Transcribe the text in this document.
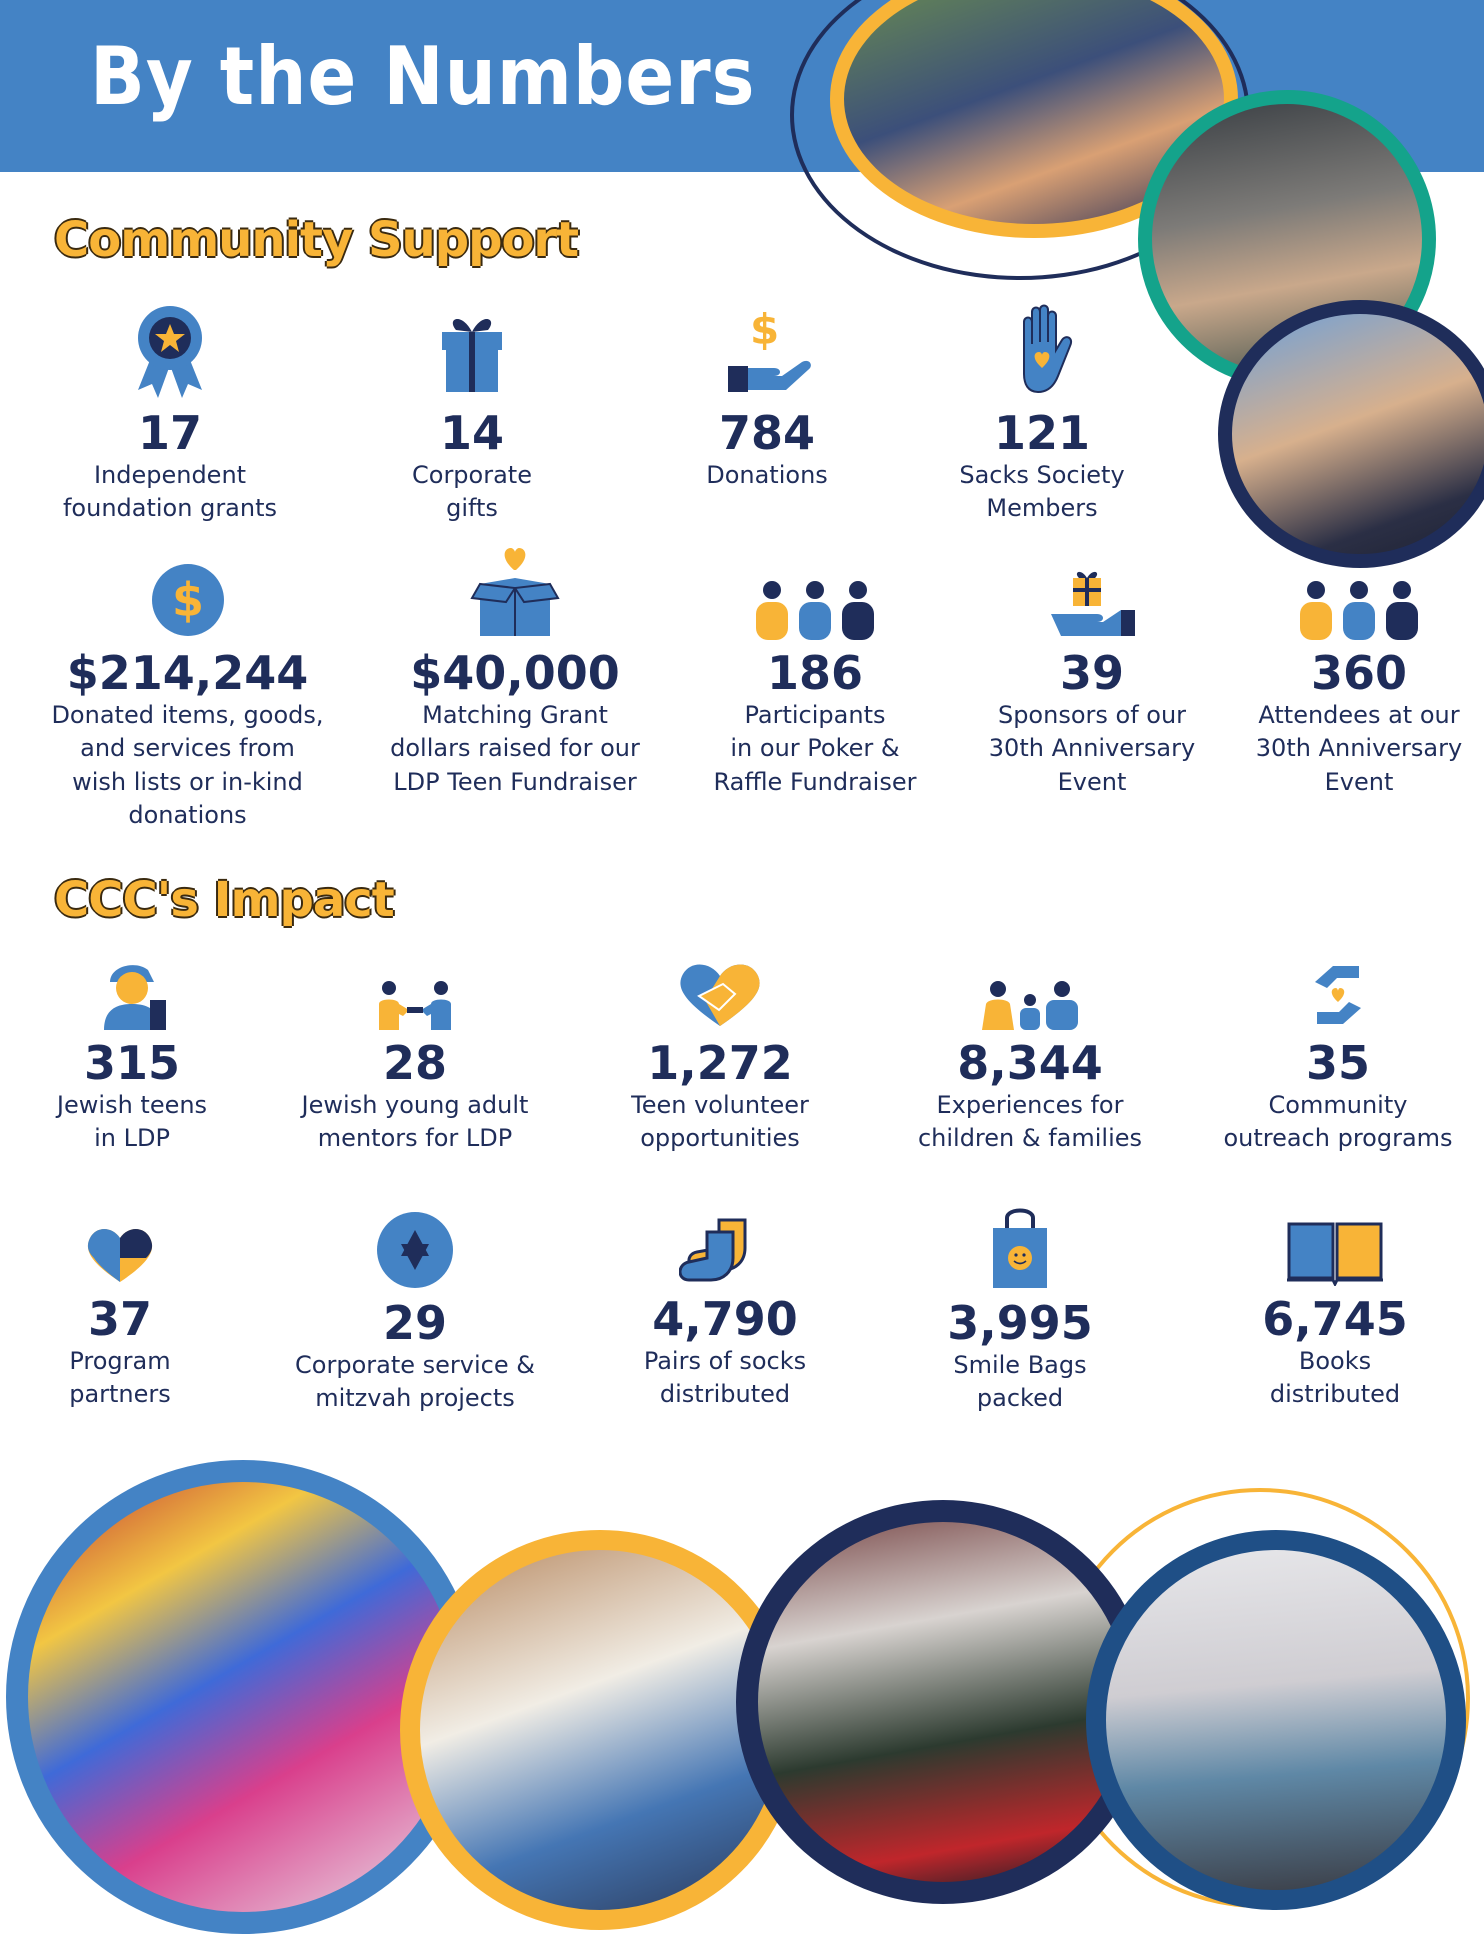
By the Numbers
Community Support
17
Independent
foundation grants
14
Corporate
gifts
$
784
Donations
121
Sacks Society
Members
$
$214,244
Donated items, goods,
and services from
wish lists or in-kind
donations
$40,000
Matching Grant
dollars raised for our
LDP Teen Fundraiser
186
Participants
in our Poker &
Raffle Fundraiser
39
Sponsors of our
30th Anniversary
Event
360
Attendees at our
30th Anniversary
Event
CCC's Impact
315
Jewish teens
in LDP
28
Jewish young adult
mentors for LDP
1,272
Teen volunteer
opportunities
8,344
Experiences for
children & families
35
Community
outreach programs
37
Program
partners
29
Corporate service &
mitzvah projects
4,790
Pairs of socks
distributed
3,995
Smile Bags
packed
6,745
Books
distributed
